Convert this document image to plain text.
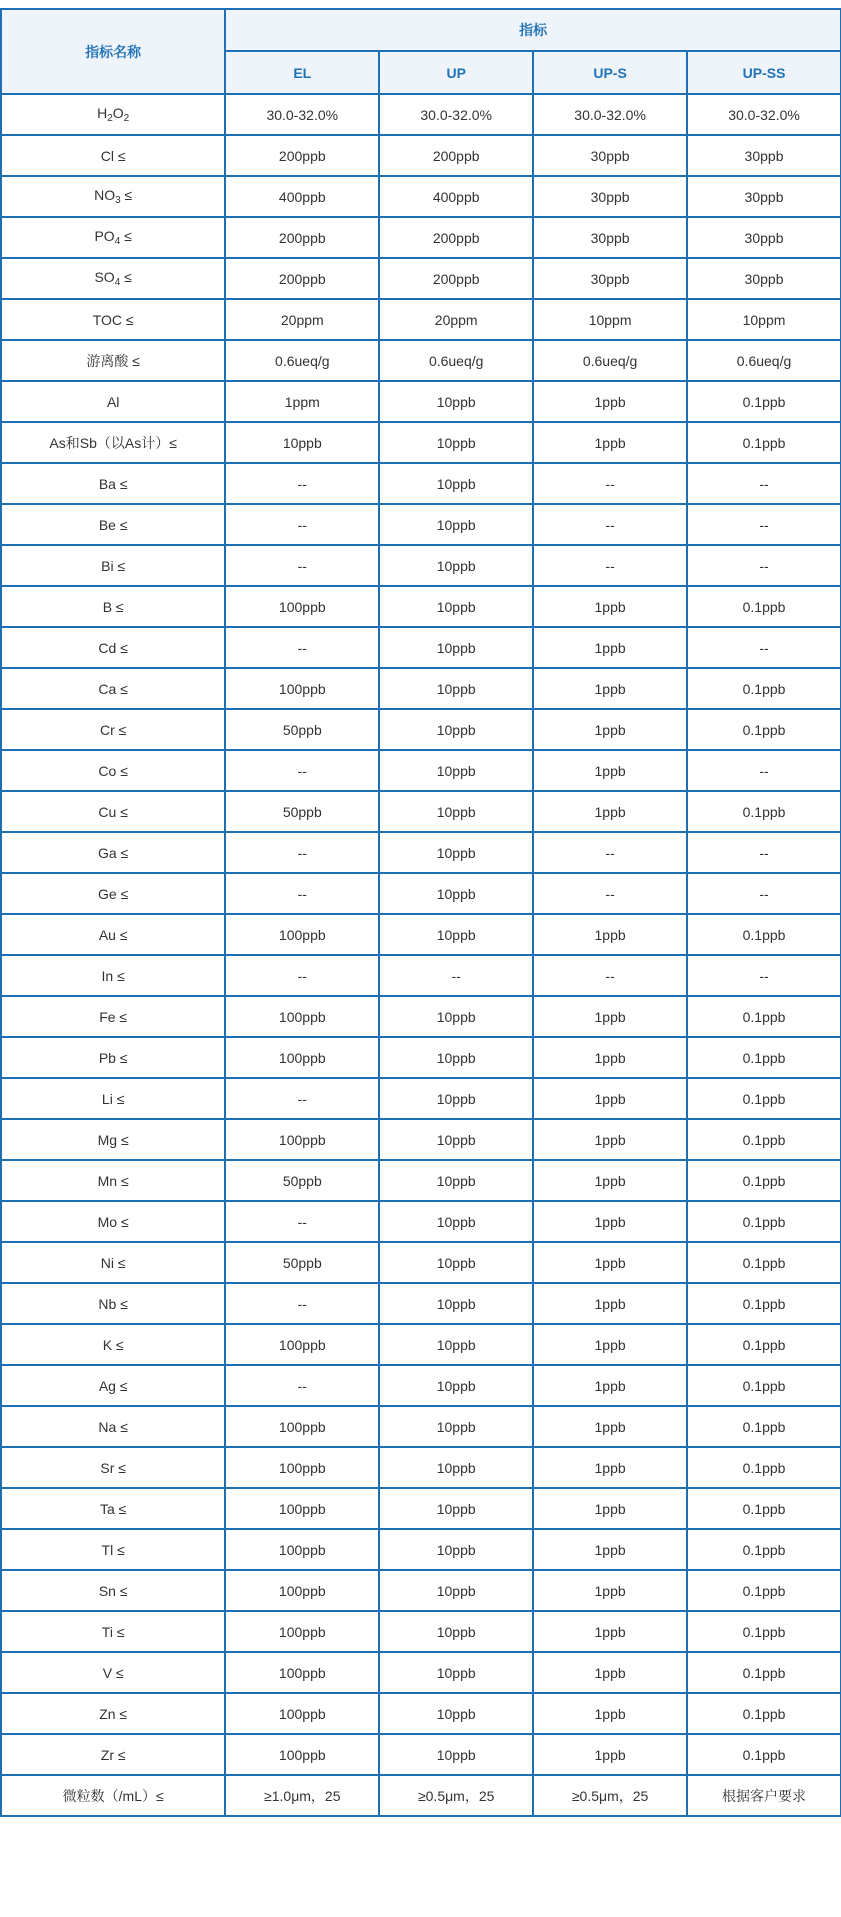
指标名称	指标			
	EL	UP	UP-S	UP-SS
$H_2O_2$	30.0-32.0%	30.0-32.0%	30.0-32.0%	30.0-32.0%
Cl ≤	200ppb	200ppb	30ppb	30ppb
$NO_3$ ≤	400ppb	400ppb	30ppb	30ppb
$PO_4$ ≤	200ppb	200ppb	30ppb	30ppb
$SO_4$ ≤	200ppb	200ppb	30ppb	30ppb
TOC ≤	20ppm	20ppm	10ppm	10ppm
游离酸 ≤	0.6ueq/g	0.6ueq/g	0.6ueq/g	0.6ueq/g
Al	1ppm	10ppb	1ppb	0.1ppb
As和Sb（以As计）≤	10ppb	10ppb	1ppb	0.1ppb
Ba ≤	--	10ppb	--	--
Be ≤	--	10ppb	--	--
Bi ≤	--	10ppb	--	--
B ≤	100ppb	10ppb	1ppb	0.1ppb
Cd ≤	--	10ppb	1ppb	--
Ca ≤	100ppb	10ppb	1ppb	0.1ppb
Cr ≤	50ppb	10ppb	1ppb	0.1ppb
Co ≤	--	10ppb	1ppb	--
Cu ≤	50ppb	10ppb	1ppb	0.1ppb
Ga ≤	--	10ppb	--	--
Ge ≤	--	10ppb	--	--
Au ≤	100ppb	10ppb	1ppb	0.1ppb
In ≤	--	--	--	--
Fe ≤	100ppb	10ppb	1ppb	0.1ppb
Pb ≤	100ppb	10ppb	1ppb	0.1ppb
Li ≤	--	10ppb	1ppb	0.1ppb
Mg ≤	100ppb	10ppb	1ppb	0.1ppb
Mn ≤	50ppb	10ppb	1ppb	0.1ppb
Mo ≤	--	10ppb	1ppb	0.1ppb
Ni ≤	50ppb	10ppb	1ppb	0.1ppb
Nb ≤	--	10ppb	1ppb	0.1ppb
K ≤	100ppb	10ppb	1ppb	0.1ppb
Ag ≤	--	10ppb	1ppb	0.1ppb
Na ≤	100ppb	10ppb	1ppb	0.1ppb
Sr ≤	100ppb	10ppb	1ppb	0.1ppb
Ta ≤	100ppb	10ppb	1ppb	0.1ppb
Tl ≤	100ppb	10ppb	1ppb	0.1ppb
Sn ≤	100ppb	10ppb	1ppb	0.1ppb
Ti ≤	100ppb	10ppb	1ppb	0.1ppb
V ≤	100ppb	10ppb	1ppb	0.1ppb
Zn ≤	100ppb	10ppb	1ppb	0.1ppb
Zr ≤	100ppb	10ppb	1ppb	0.1ppb
微粒数（/mL）≤	≥1.0μm，25	≥0.5μm，25	≥0.5μm，25	根据客户要求
